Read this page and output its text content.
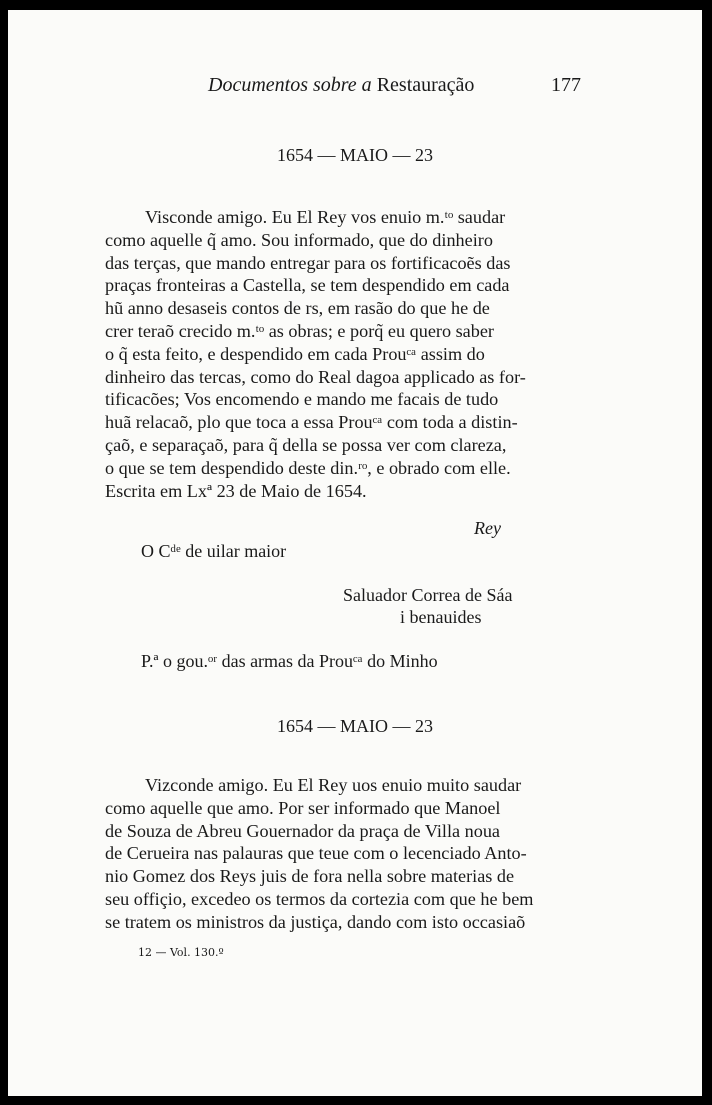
Documentos sobre a Restauração	177
1654 — MAIO — 23
Visconde amigo. Eu El Rey vos enuio m.ᵗᵒ saudar
como aquelle q̃ amo. Sou informado, que do dinheiro
das terças, que mando entregar para os fortificacoẽs das
praças fronteiras a Castella, se tem despendido em cada
hũ anno desaseis contos de rs, em rasão do que he de
crer teraõ crecido m.ᵗᵒ as obras; e porq̃ eu quero saber
o q̃ esta feito, e despendido em cada Prouᶜᵃ assim do
dinheiro das tercas, como do Real dagoa applicado as for-
tificacões; Vos encomendo e mando me facais de tudo
huã relacaõ, plo que toca a essa Prouᶜᵃ com toda a distin-
çaõ, e separaçaõ, para q̃ della se possa ver com clareza,
o que se tem despendido deste din.ʳᵒ, e obrado com elle.
Escrita em Lxª 23 de Maio de 1654.
Rey
O Cᵈᵉ de uilar maior
Saluador Correa de Sáa
i benauides
P.ª o gou.ᵒʳ das armas da Prouᶜᵃ do Minho
1654 — MAIO — 23
Vizconde amigo. Eu El Rey uos enuio muito saudar
como aquelle que amo. Por ser informado que Manoel
de Souza de Abreu Gouernador da praça de Villa noua
de Cerueira nas palauras que teue com o lecenciado Anto-
nio Gomez dos Reys juis de fora nella sobre materias de
seu offiçio, excedeo os termos da cortezia com que he bem
se tratem os ministros da justiça, dando com isto occasiaõ
12 — Vol. 130.º
